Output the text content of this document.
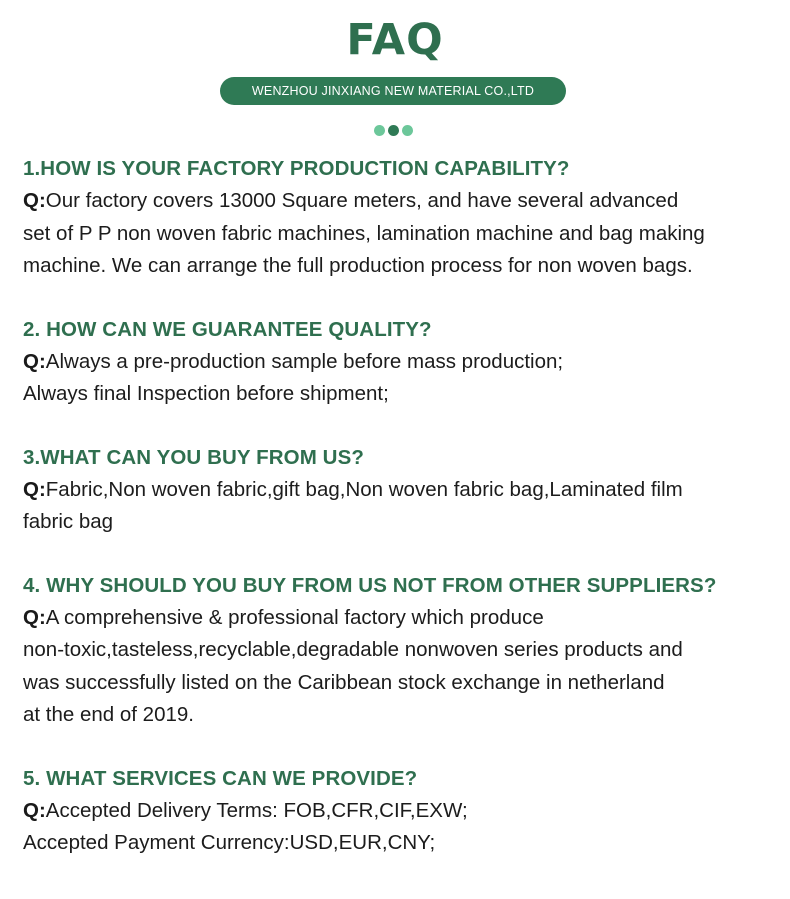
FAQ
WENZHOU JINXIANG NEW MATERIAL CO.,LTD
1.HOW IS YOUR FACTORY PRODUCTION CAPABILITY?
Q:Our factory covers 13000 Square meters, and have several advanced
set of P P non woven fabric machines, lamination machine and bag making
machine. We can arrange the full production process for non woven bags.
2. HOW CAN WE GUARANTEE QUALITY?
Q:Always a pre-production sample before mass production;
Always final Inspection before shipment;
3.WHAT CAN YOU BUY FROM US?
Q:Fabric,Non woven fabric,gift bag,Non woven fabric bag,Laminated film
fabric bag
4. WHY SHOULD YOU BUY FROM US NOT FROM OTHER SUPPLIERS?
Q:A comprehensive & professional factory which produce
non-toxic,tasteless,recyclable,degradable nonwoven series products and
was successfully listed on the Caribbean stock exchange in netherland
at the end of 2019.
5. WHAT SERVICES CAN WE PROVIDE?
Q:Accepted Delivery Terms: FOB,CFR,CIF,EXW;
Accepted Payment Currency:USD,EUR,CNY;
